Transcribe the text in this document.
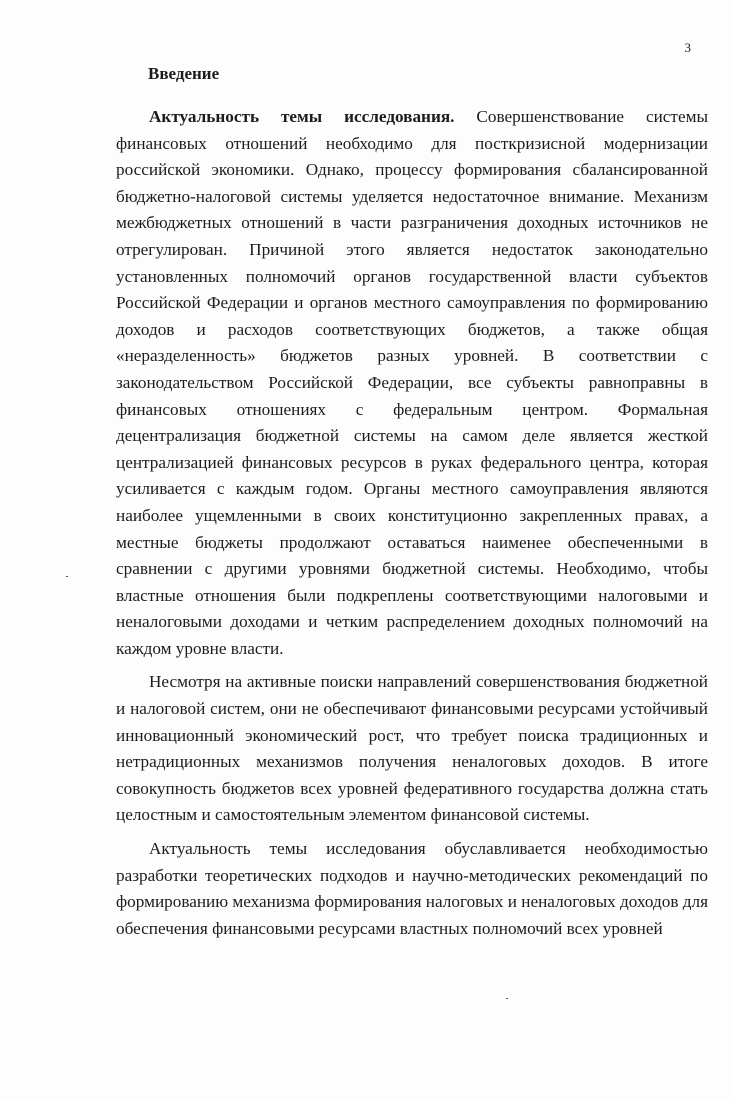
3
Введение

Актуальность темы исследования. Совершенствование системы финансовых отношений необходимо для посткризисной модернизации российской экономики. Однако, процессу формирования сбалансированной бюджетно-налоговой системы уделяется недостаточное внимание. Механизм межбюджетных отношений в части разграничения доходных источников не отрегулирован. Причиной этого является недостаток законодательно установленных полномочий органов государственной власти субъектов Российской Федерации и органов местного самоуправления по формированию доходов и расходов соответствующих бюджетов, а также общая «неразделенность» бюджетов разных уровней. В соответствии с законодательством Российской Федерации, все субъекты равноправны в финансовых отношениях с федеральным центром. Формальная децентрализация бюджетной системы на самом деле является жесткой централизацией финансовых ресурсов в руках федерального центра, которая усиливается с каждым годом. Органы местного самоуправления являются наиболее ущемленными в своих конституционно закрепленных правах, а местные бюджеты продолжают оставаться наименее обеспеченными в сравнении с другими уровнями бюджетной системы. Необходимо, чтобы властные отношения были подкреплены соответствующими налоговыми и неналоговыми доходами и четким распределением доходных полномочий на каждом уровне власти.

Несмотря на активные поиски направлений совершенствования бюджетной и налоговой систем, они не обеспечивают финансовыми ресурсами устойчивый инновационный экономический рост, что требует поиска традиционных и нетрадиционных механизмов получения неналоговых доходов. В итоге совокупность бюджетов всех уровней федеративного государства должна стать целостным и самостоятельным элементом финансовой системы.

Актуальность темы исследования обуславливается необходимостью разработки теоретических подходов и научно-методических рекомендаций по формированию механизма формирования налоговых и неналоговых доходов для обеспечения финансовыми ресурсами властных полномочий всех уровней
